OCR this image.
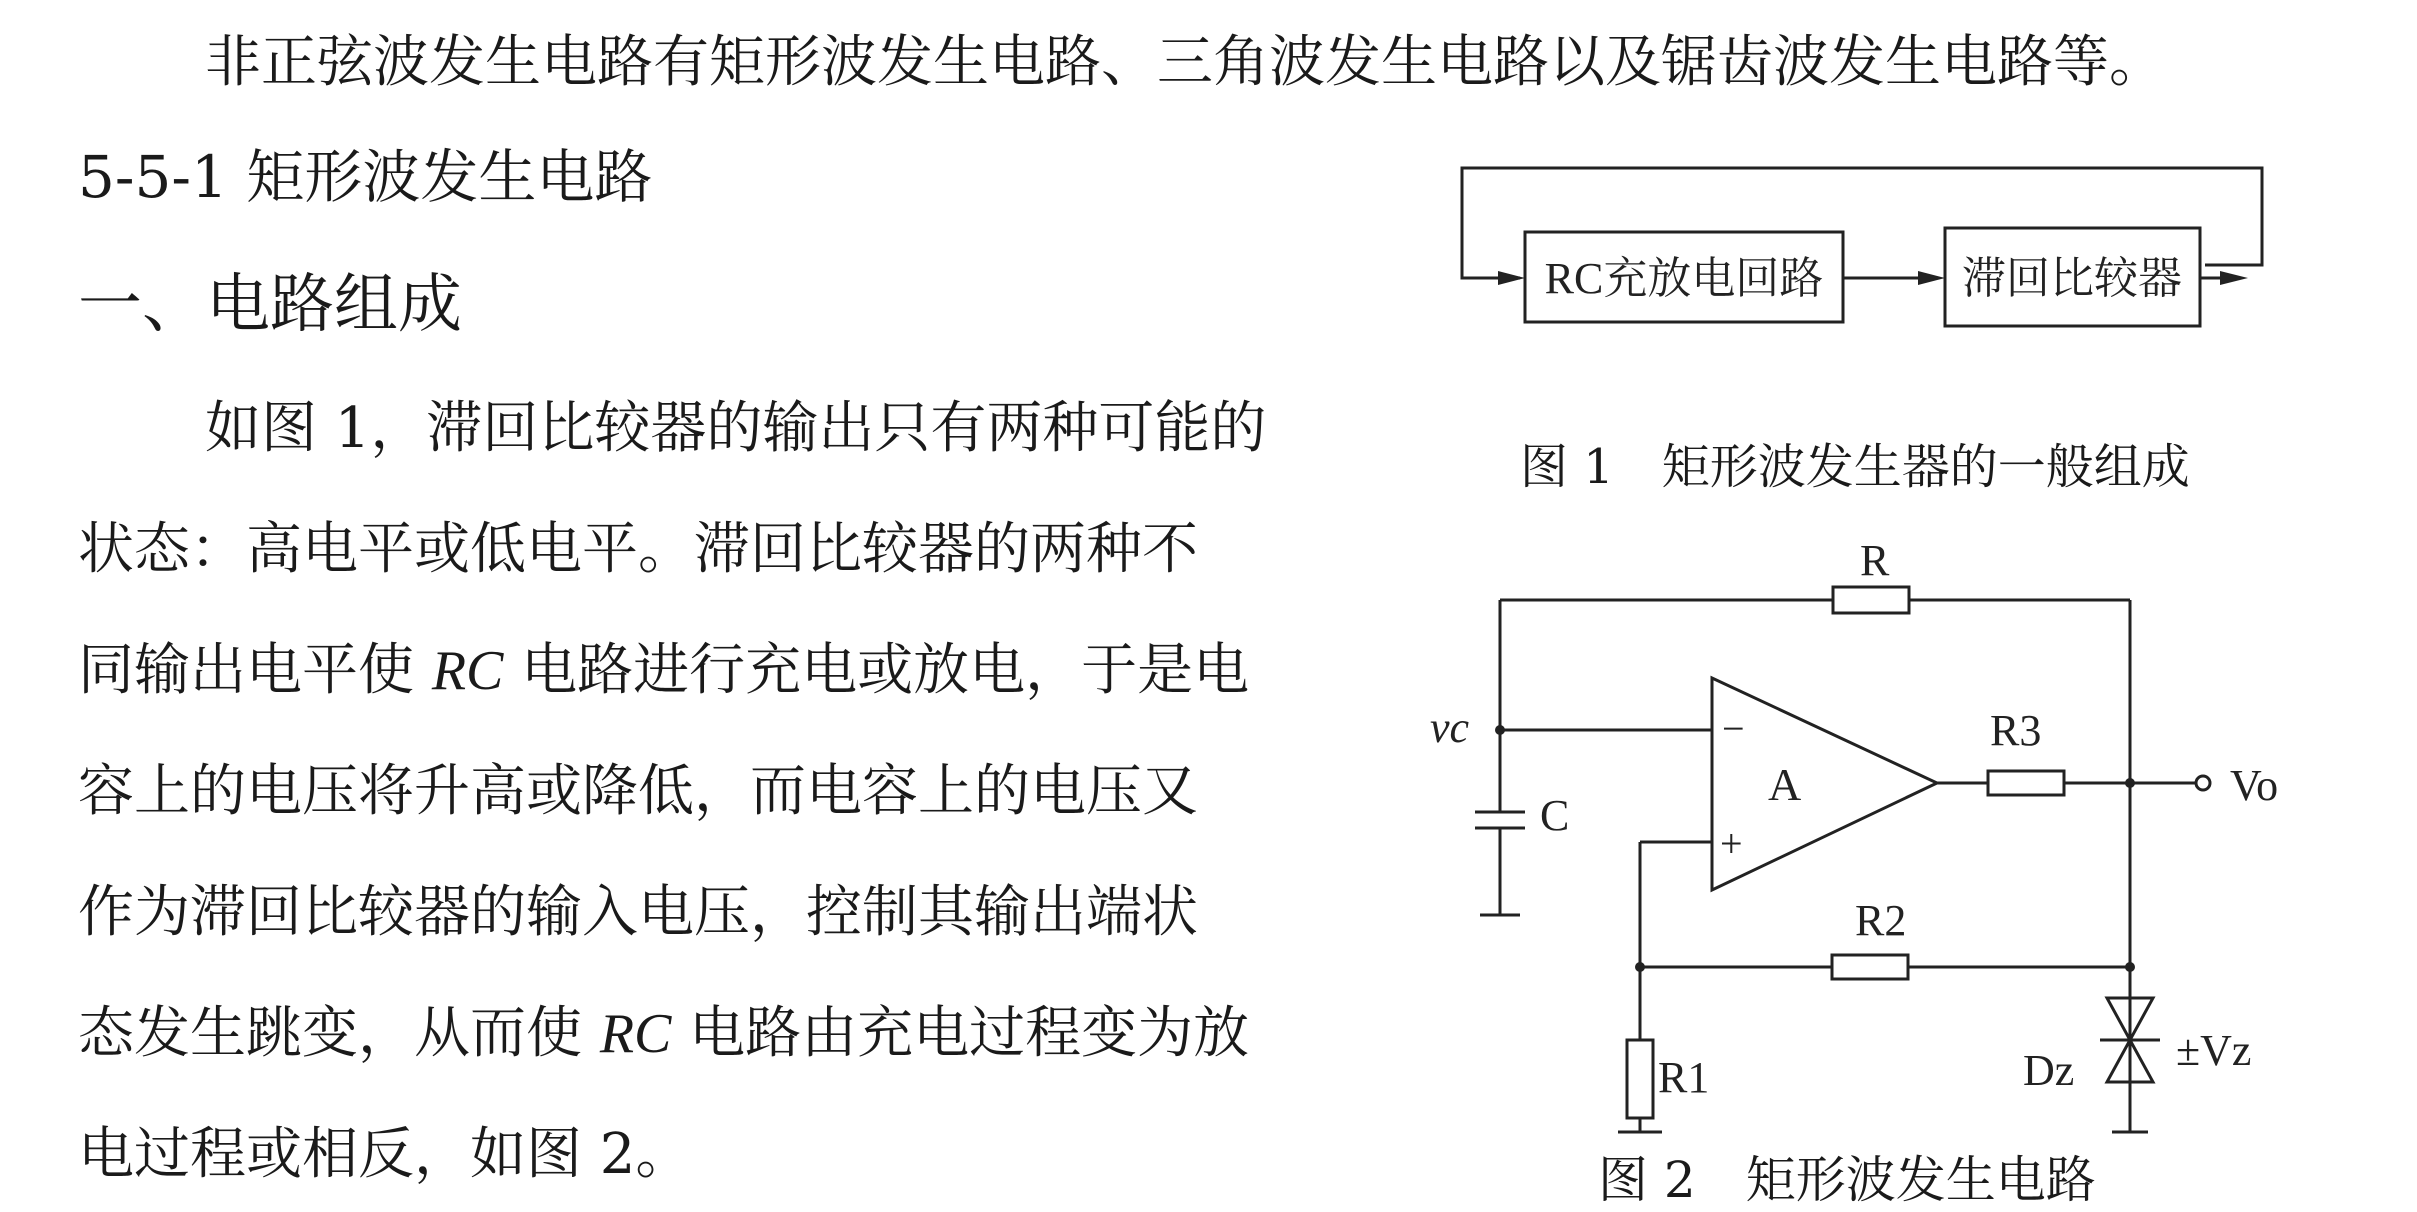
非正弦波发生电路有矩形波发生电路、三角波发生电路以及锯齿波发生电路等。
5-5-1 矩形波发生电路
一、电路组成
如图 1，滞回比较器的输出只有两种可能的
状态：高电平或低电平。滞回比较器的两种不
同输出电平使 RC 电路进行充电或放电，于是电
容上的电压将升高或降低，而电容上的电压又
作为滞回比较器的输入电压，控制其输出端状
态发生跳变，从而使 RC 电路由充电过程变为放
电过程或相反，如图 2。
RC充放电回路	滞回比较器
图 1　矩形波发生器的一般组成
R
−
+
A
R3
Vo
vc
C
R2
R1	Dz ±Vz
图 2　矩形波发生电路
